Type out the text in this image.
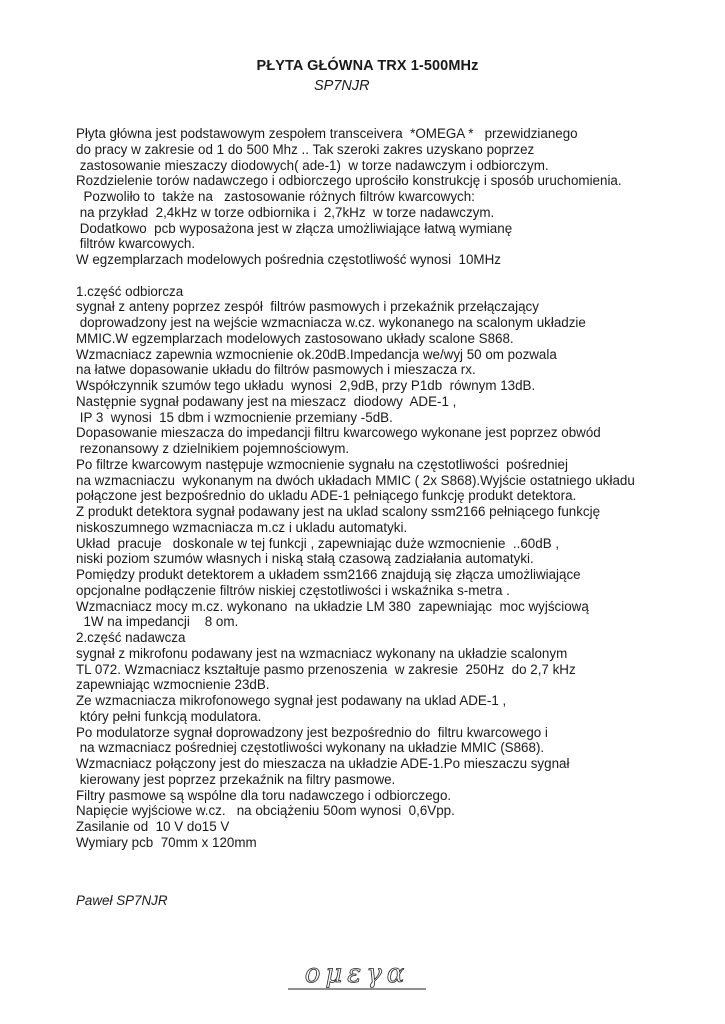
PŁYTA GŁÓWNA TRX 1-500MHz
SP7NJR
Płyta główna jest podstawowym zespołem transceivera  *OMEGA *   przewidzianego
do pracy w zakresie od 1 do 500 Mhz .. Tak szeroki zakres uzyskano poprzez
zastosowanie mieszaczy diodowych( ade-1)  w torze nadawczym i odbiorczym.
Rozdzielenie torów nadawczego i odbiorczego uprościło konstrukcję i sposób uruchomienia.
Pozwoliło to  także na   zastosowanie różnych filtrów kwarcowych:
na przykład  2,4kHz w torze odbiornika i  2,7kHz  w torze nadawczym.
Dodatkowo  pcb wyposażona jest w złącza umożliwiające łatwą wymianę
filtrów kwarcowych.
W egzemplarzach modelowych pośrednia częstotliwość wynosi  10MHz
1.część odbiorcza
sygnał z anteny poprzez zespół  filtrów pasmowych i przekaźnik przełączający
doprowadzony jest na wejście wzmacniacza w.cz. wykonanego na scalonym układzie
MMIC.W egzemplarzach modelowych zastosowano układy scalone S868.
Wzmacniacz zapewnia wzmocnienie ok.20dB.Impedancja we/wyj 50 om pozwala
na łatwe dopasowanie układu do filtrów pasmowych i mieszacza rx.
Współczynnik szumów tego układu  wynosi  2,9dB, przy P1db  równym 13dB.
Następnie sygnał podawany jest na mieszacz  diodowy  ADE-1 ,
IP 3  wynosi  15 dbm i wzmocnienie przemiany -5dB.
Dopasowanie mieszacza do impedancji filtru kwarcowego wykonane jest poprzez obwód
rezonansowy z dzielnikiem pojemnościowym.
Po filtrze kwarcowym następuje wzmocnienie sygnału na częstotliwości  pośredniej
na wzmacniaczu  wykonanym na dwóch układach MMIC ( 2x S868).Wyjście ostatniego układu
połączone jest bezpośrednio do ukladu ADE-1 pełniącego funkcję produkt detektora.
Z produkt detektora sygnał podawany jest na uklad scalony ssm2166 pełniącego funkcję
niskoszumnego wzmacniacza m.cz i ukladu automatyki.
Układ  pracuje   doskonale w tej funkcji , zapewniając duże wzmocnienie  ..60dB ,
niski poziom szumów własnych i niską stałą czasową zadziałania automatyki.
Pomiędzy produkt detektorem a układem ssm2166 znajdują się złącza umożliwiające
opcjonalne podłączenie filtrów niskiej częstotliwości i wskaźnika s-metra .
Wzmacniacz mocy m.cz. wykonano  na układzie LM 380  zapewniając  moc wyjściową
1W na impedancji    8 om.
2.część nadawcza
sygnał z mikrofonu podawany jest na wzmacniacz wykonany na układzie scalonym
TL 072. Wzmacniacz kształtuje pasmo przenoszenia  w zakresie  250Hz  do 2,7 kHz
zapewniając wzmocnienie 23dB.
Ze wzmacniacza mikrofonowego sygnał jest podawany na uklad ADE-1 ,
który pełni funkcją modulatora.
Po modulatorze sygnał doprowadzony jest bezpośrednio do  filtru kwarcowego i
na wzmacniacz pośredniej częstotliwości wykonany na układzie MMIC (S868).
Wzmacniacz połączony jest do mieszacza na układzie ADE-1.Po mieszaczu sygnał
kierowany jest poprzez przekaźnik na filtry pasmowe.
Filtry pasmowe są wspólne dla toru nadawczego i odbiorczego.
Napięcie wyjściowe w.cz.   na obciążeniu 50om wynosi  0,6Vpp.
Zasilanie od  10 V do15 V
Wymiary pcb  70mm x 120mm
Paweł SP7NJR
ομεγα
